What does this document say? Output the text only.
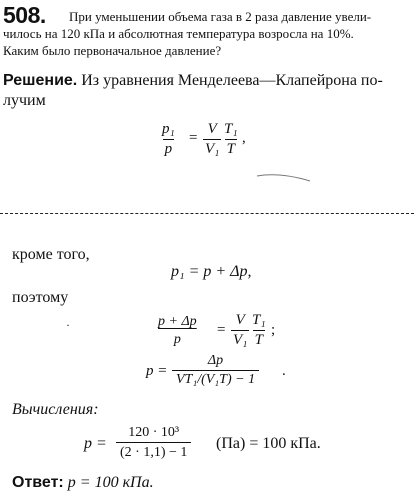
508. При уменьшении объема газа в 2 раза давление увели-
чилось на 120 кПа и абсолютная температура возросла на 10%.
Каким было первоначальное давление?
Решение. Из уравнения Менделеева—Клапейрона по-
лучим
$\frac{\text{p₁}}{p} = \frac{V}{\text{V₁}} \frac{\text{T₁}}{T}$ ,
кроме того,
p₁ = p + Δp,
поэтому
·	$\frac{p + \Delta p}{p} = \frac{V}{\text{V₁}} \frac{\text{T₁}}{T}$ ;
$p = \frac{\Delta p}{\text{VT₁/(V₁T) − 1}}$ .
Вычисления:
$p = \frac{\text{120 · 10³}}{(2 \cdot 1,1) - 1} (Па) = 100$ кПа.
Ответ: p = 100 кПа.
